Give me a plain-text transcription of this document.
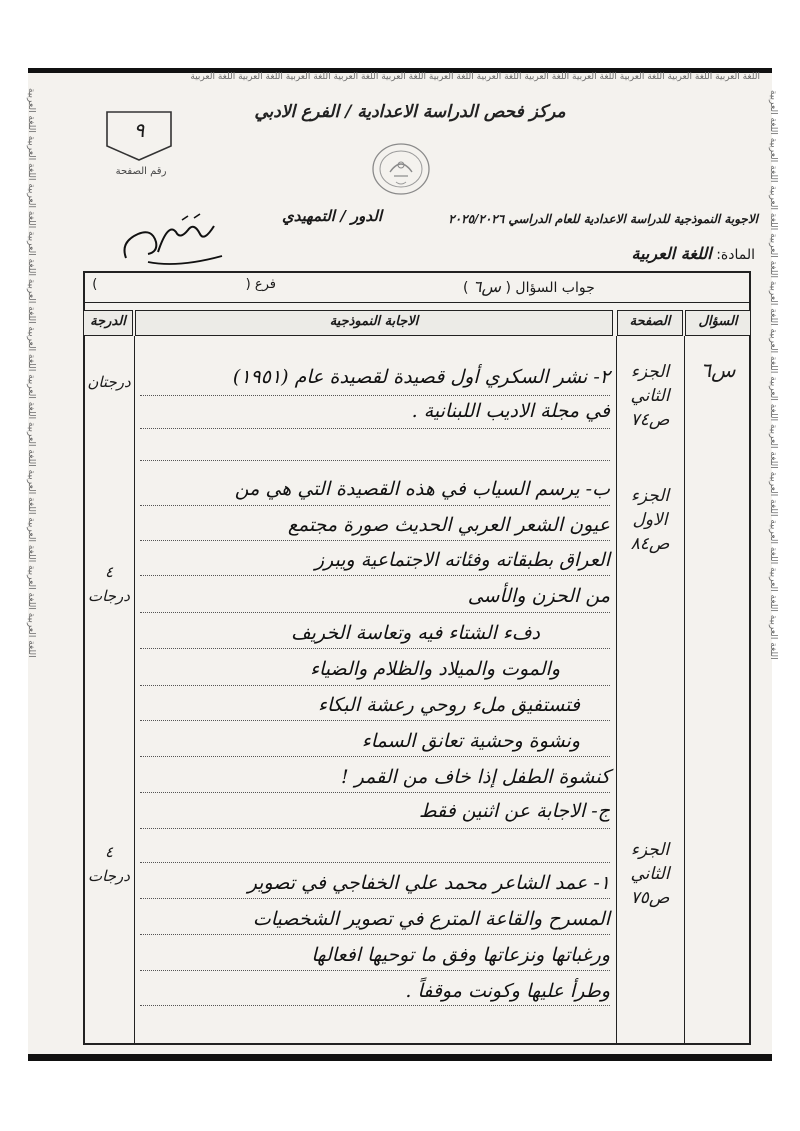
اللغة العربية اللغة العربية اللغة العربية اللغة العربية اللغة العربية اللغة العربية اللغة العربية اللغة العربية اللغة العربية اللغة العربية اللغة العربية اللغة العربية
اللغة العربية اللغة العربية اللغة العربية اللغة العربية اللغة العربية اللغة العربية اللغة العربية اللغة العربية اللغة العربية اللغة العربية اللغة العربية اللغة العربية	اللغة العربية اللغة العربية اللغة العربية اللغة العربية اللغة العربية اللغة العربية اللغة العربية اللغة العربية اللغة العربية اللغة العربية اللغة العربية اللغة العربية
مركز فحص الدراسة الاعدادية / الفرع الادبي
٩
رقم الصفحة
الاجوبة النموذجية للدراسة الاعدادية للعام الدراسي ٢٠٢٥/٢٠٢٦
الدور / التمهيدي
المادة: اللغة العربية
جواب السؤال ( س٦ )
فرع (  )
السؤال
الصفحة
الاجابة النموذجية
الدرجة
س٦
الجزء
الثاني
ص٧٤
درجتان	٢- نشر السكري أول قصيدة لقصيدة عام (١٩٥١)
في مجلة الاديب اللبنانية .
الجزء
الاول
ص٨٤
٤
درجات
ب- يرسم السياب في هذه القصيدة التي هي من
عيون الشعر العربي الحديث صورة مجتمع
العراق بطبقاته وفئاته الاجتماعية ويبرز
من الحزن والأسى
دفء الشتاء فيه وتعاسة الخريف
والموت والميلاد والظلام والضياء
فتستفيق ملء روحي رعشة البكاء
ونشوة وحشية تعانق السماء
كنشوة الطفل إذا خاف من القمر !
الجزء
الثاني
ص٧٥
٤
درجات
ج- الاجابة عن اثنين فقط
١- عمد الشاعر محمد علي الخفاجي في تصوير
المسرح والقاعة المترع في تصوير الشخصيات
ورغباتها ونزعاتها وفق ما توحيها افعالها
وطرأ عليها وكونت موقفاً .
